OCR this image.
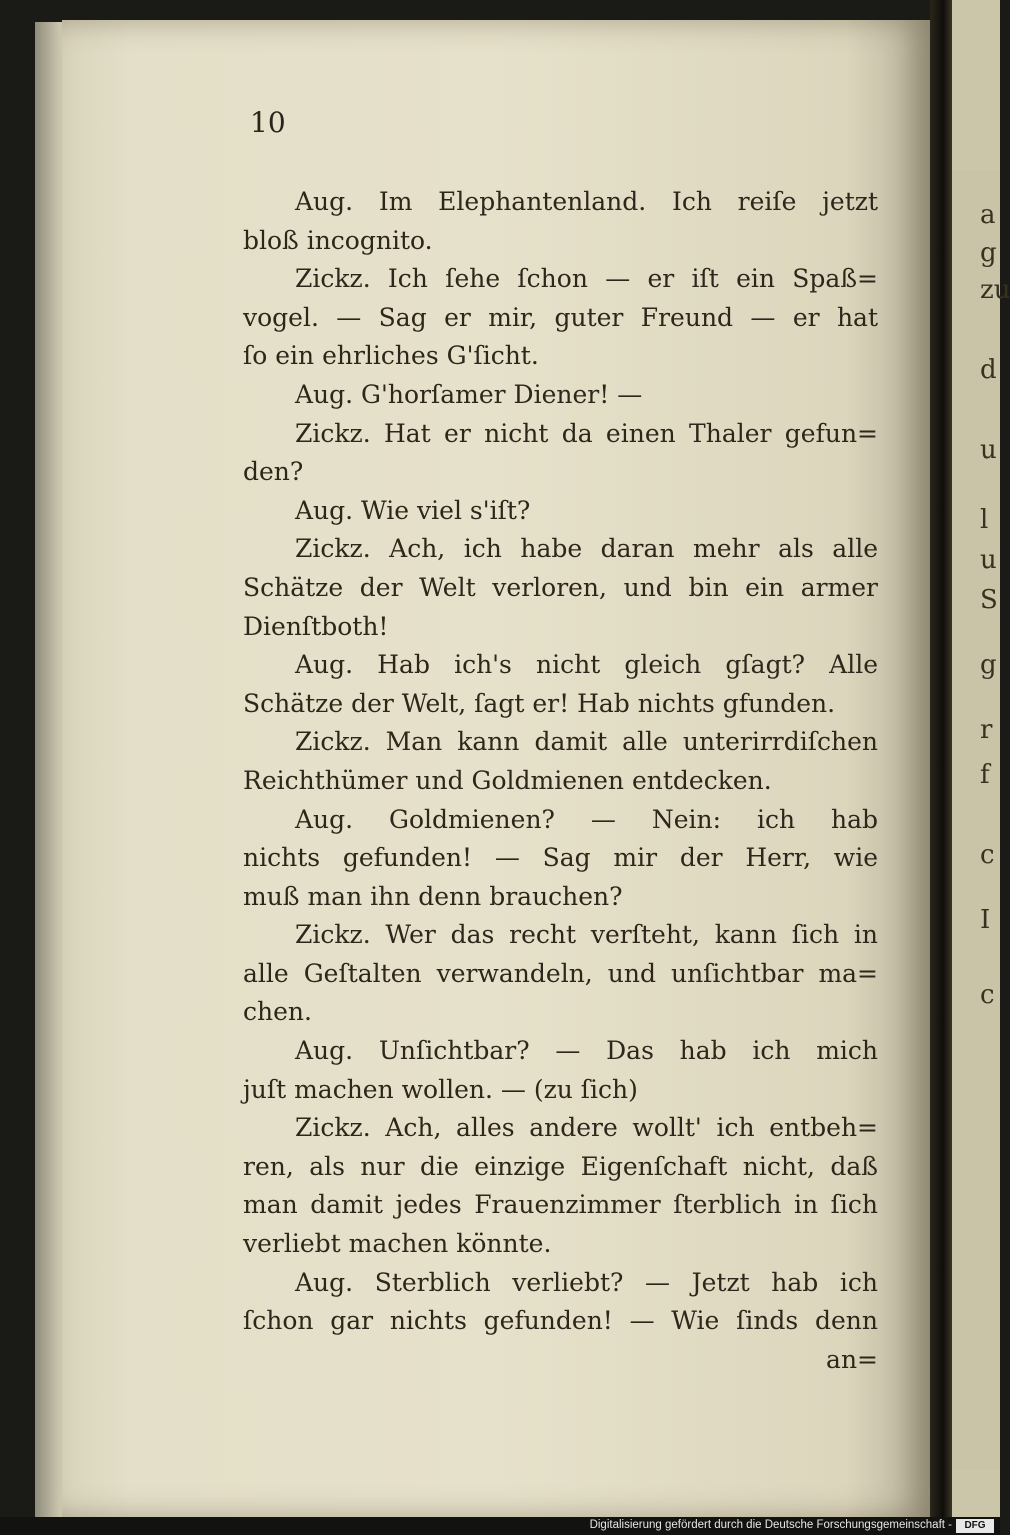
a
g
zu
d
u
l
u
S
g
r
f
c
I
c
10
Aug. Im Elephantenland. Ich reiſe jetzt
bloß incognito.
Zickz. Ich ſehe ſchon — er iſt ein Spaß=
vogel. — Sag er mir, guter Freund — er hat
ſo ein ehrliches G'ſicht.
Aug. G'horſamer Diener! —
Zickz. Hat er nicht da einen Thaler gefun=
den?
Aug. Wie viel s'iſt?
Zickz. Ach, ich habe daran mehr als alle
Schätze der Welt verloren, und bin ein armer
Dienſtboth!
Aug. Hab ich's nicht gleich gſagt? Alle
Schätze der Welt, ſagt er! Hab nichts gfunden.
Zickz. Man kann damit alle unterirrdiſchen
Reichthümer und Goldmienen entdecken.
Aug. Goldmienen? — Nein: ich hab
nichts gefunden! — Sag mir der Herr, wie
muß man ihn denn brauchen?
Zickz. Wer das recht verſteht, kann ſich in
alle Geſtalten verwandeln, und unſichtbar ma=
chen.
Aug. Unſichtbar? — Das hab ich mich
juſt machen wollen. — (zu ſich)
Zickz. Ach, alles andere wollt' ich entbeh=
ren, als nur die einzige Eigenſchaft nicht, daß
man damit jedes Frauenzimmer ſterblich in ſich
verliebt machen könnte.
Aug. Sterblich verliebt? — Jetzt hab ich
ſchon gar nichts gefunden! — Wie ſinds denn
an=
Digitalisierung gefördert durch die Deutsche Forschungsgemeinschaft -	DFG
